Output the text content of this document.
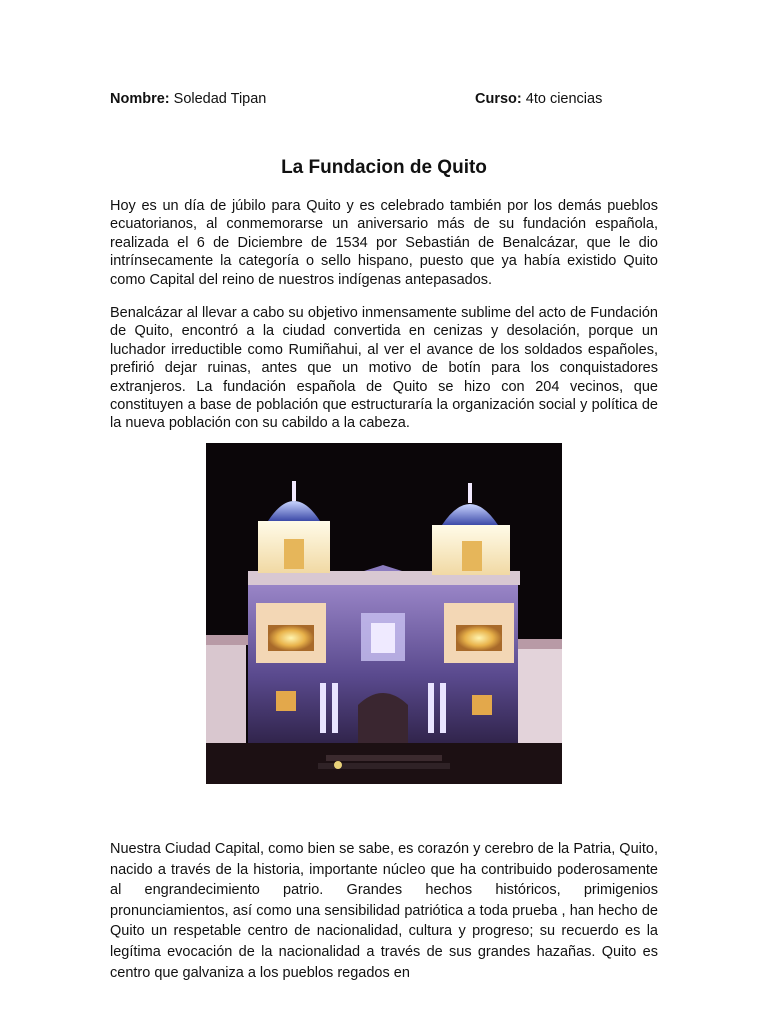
Nombre: Soledad Tipan	Curso: 4to ciencias
La Fundacion de Quito

Hoy es un día de júbilo para Quito y es celebrado también por los demás pueblos ecuatorianos, al conmemorarse un aniversario más de su fundación española, realizada el 6 de Diciembre de 1534 por Sebastián de Benalcázar, que le dio intrínsecamente la categoría o sello hispano, puesto que ya había existido Quito como Capital del reino de nuestros indígenas antepasados.

Benalcázar al llevar a cabo su objetivo inmensamente sublime del acto de Fundación de Quito, encontró a la ciudad convertida en cenizas y desolación, porque un luchador irreductible como Rumiñahui, al ver el avance de los soldados españoles, prefirió dejar ruinas, antes que un motivo de botín para los conquistadores extranjeros. La fundación española de Quito se hizo con 204 vecinos, que constituyen a base de población que estructuraría la organización social y política de la nueva población con su cabildo a la cabeza.

Nuestra Ciudad Capital, como bien se sabe, es corazón y cerebro de la Patria, Quito, nacido a través de la historia, importante núcleo que ha contribuido poderosamente al engrandecimiento patrio. Grandes hechos históricos, primigenios pronunciamientos, así como una sensibilidad patriótica a toda prueba , han hecho de Quito un respetable centro de nacionalidad, cultura y progreso; su recuerdo es la legítima evocación de la nacionalidad a través de sus grandes hazañas. Quito es centro que galvaniza a los pueblos regados en
